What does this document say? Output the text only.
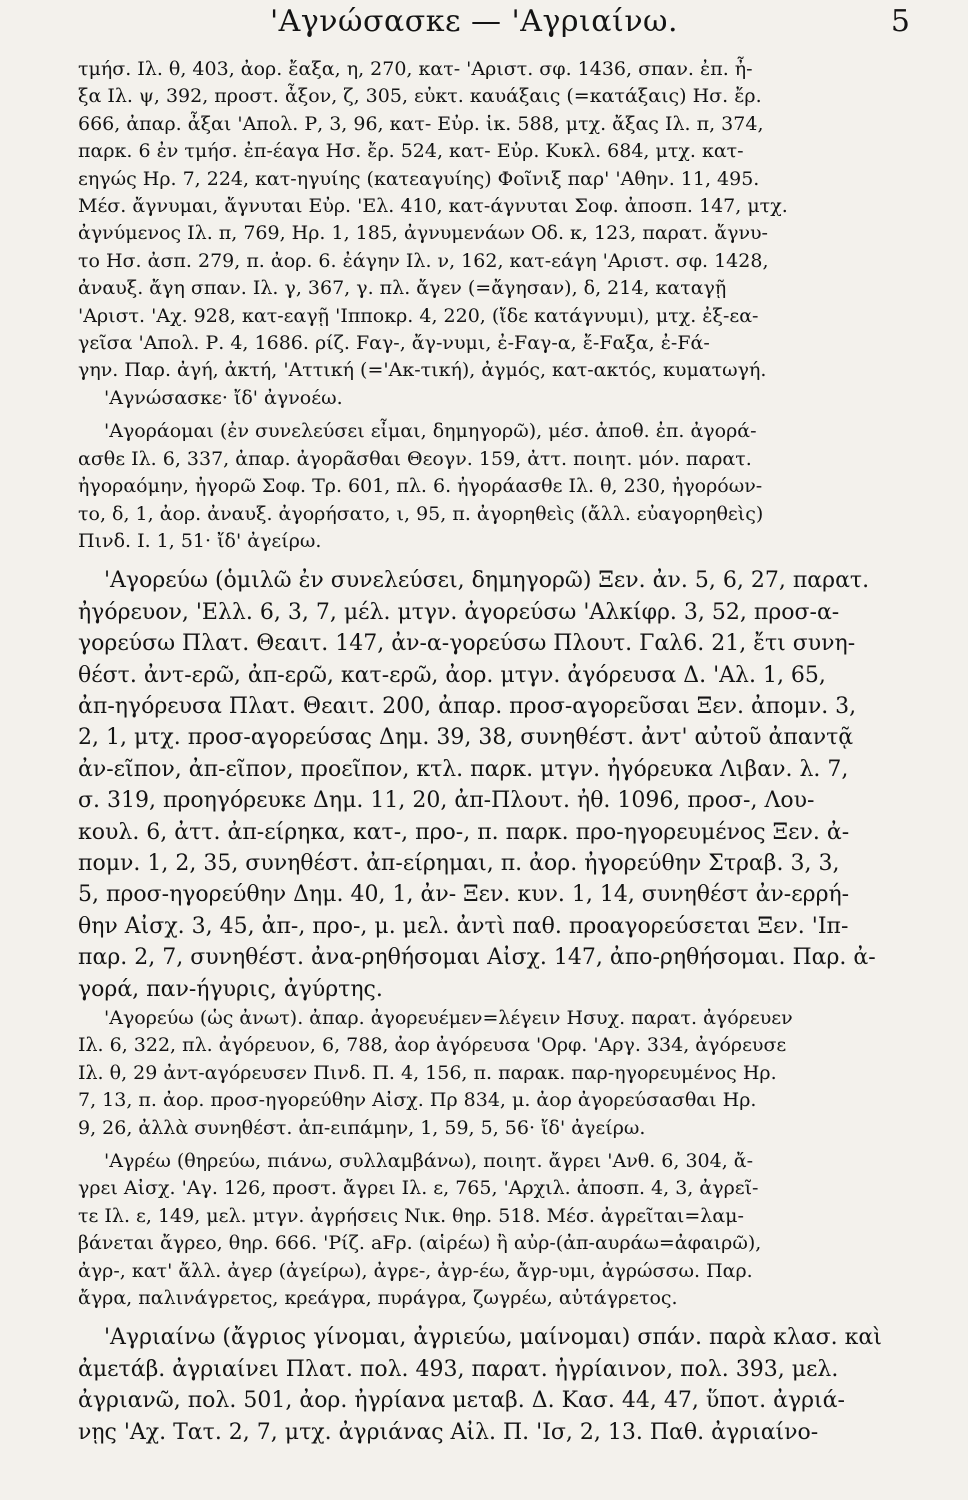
'Αγνώσασκε — 'Αγριαίνω.	5
τμήσ. Ιλ. θ, 403, ἀορ. ἔαξα, η, 270, κατ- 'Αριστ. σφ. 1436, σπαν. ἐπ. ἦ-
ξα Ιλ. ψ, 392, προστ. ἆξον, ζ, 305, εὐκτ. καυάξαις (=κατάξαις) Ησ. ἔρ.
666, ἀπαρ. ἆξαι 'Απολ. Ρ, 3, 96, κατ- Εὐρ. ἱκ. 588, μτχ. ἄξας Ιλ. π, 374,
παρκ. 6 ἐν τμήσ. ἐπ-έαγα Ησ. ἔρ. 524, κατ- Εὐρ. Κυκλ. 684, μτχ. κατ-
εηγώς Ηρ. 7, 224, κατ-ηγυίης (κατεαγυίης) Φοῖνιξ παρ' 'Αθην. 11, 495.
Μέσ. ἄγνυμαι, ἄγνυται Εὐρ. 'Ελ. 410, κατ-άγνυται Σοφ. ἀποσπ. 147, μτχ.
ἀγνύμενος Ιλ. π, 769, Ηρ. 1, 185, ἀγνυμενάων Οδ. κ, 123, παρατ. ἄγνυ-
το Ησ. ἀσπ. 279, π. ἀορ. 6. ἐάγην Ιλ. ν, 162, κατ-εάγη 'Αριστ. σφ. 1428,
ἀναυξ. ἄγη σπαν. Ιλ. γ, 367, γ. πλ. ἄγεν (=ἄγησαν), δ, 214, καταγῇ
'Αριστ. 'Αχ. 928, κατ-εαγῇ 'Ιπποκρ. 4, 220, (ἴδε κατάγνυμι), μτχ. ἐξ-εα-
γεῖσα 'Απολ. Ρ. 4, 1686. ρίζ. Fαγ-, ἄγ-νυμι, ἐ-Fαγ-α, ἔ-Fαξα, ἐ-Fά-
γην. Παρ. ἀγή, ἀκτή, 'Αττική (='Ακ-τική), ἀγμός, κατ-ακτός, κυματωγή.
'Αγνώσασκε· ἴδ' ἀγνοέω.
'Αγοράομαι (ἐν συνελεύσει εἶμαι, δημηγορῶ), μέσ. ἀποθ. ἐπ. ἀγορά-
ασθε Ιλ. 6, 337, ἀπαρ. ἀγορᾶσθαι Θεογν. 159, ἀττ. ποιητ. μόν. παρατ.
ἠγοραόμην, ἠγορῶ Σοφ. Τρ. 601, πλ. 6. ἠγοράασθε Ιλ. θ, 230, ἠγορόων-
το, δ, 1, ἀορ. ἀναυξ. ἀγορήσατο, ι, 95, π. ἀγορηθεὶς (ἄλλ. εὐαγορηθεὶς)
Πινδ. Ι. 1, 51· ἴδ' ἀγείρω.
'Αγορεύω (ὁμιλῶ ἐν συνελεύσει, δημηγορῶ) Ξεν. ἀν. 5, 6, 27, παρατ.
ἠγόρευον, 'Ελλ. 6, 3, 7, μέλ. μτγν. ἀγορεύσω 'Αλκίφρ. 3, 52, προσ-α-
γορεύσω Πλατ. Θεαιτ. 147, ἀν-α-γορεύσω Πλουτ. Γαλ6. 21, ἔτι συνη-
θέστ. ἀντ-ερῶ, ἀπ-ερῶ, κατ-ερῶ, ἀορ. μτγν. ἀγόρευσα Δ. 'Αλ. 1, 65,
ἀπ-ηγόρευσα Πλατ. Θεαιτ. 200, ἀπαρ. προσ-αγορεῦσαι Ξεν. ἀπομν. 3,
2, 1, μτχ. προσ-αγορεύσας Δημ. 39, 38, συνηθέστ. ἀντ' αὐτοῦ ἀπαντᾷ
ἀν-εῖπον, ἀπ-εῖπον, προεῖπον, κτλ. παρκ. μτγν. ἠγόρευκα Λιβαν. λ. 7,
σ. 319, προηγόρευκε Δημ. 11, 20, ἀπ-Πλουτ. ἠθ. 1096, προσ-, Λου-
κουλ. 6, ἀττ. ἀπ-είρηκα, κατ-, προ-, π. παρκ. προ-ηγορευμένος Ξεν. ἀ-
πομν. 1, 2, 35, συνηθέστ. ἀπ-είρημαι, π. ἀορ. ἠγορεύθην Στραβ. 3, 3,
5, προσ-ηγορεύθην Δημ. 40, 1, ἀν- Ξεν. κυν. 1, 14, συνηθέστ ἀν-ερρή-
θην Αἰσχ. 3, 45, ἀπ-, προ-, μ. μελ. ἀντὶ παθ. προαγορεύσεται Ξεν. 'Ιπ-
παρ. 2, 7, συνηθέστ. ἀνα-ρηθήσομαι Αἰσχ. 147, ἀπο-ρηθήσομαι. Παρ. ἀ-
γορά, παν-ήγυρις, ἀγύρτης.
'Αγορεύω (ὡς ἀνωτ). ἀπαρ. ἀγορευέμεν=λέγειν Ησυχ. παρατ. ἀγόρευεν
Ιλ. 6, 322, πλ. ἀγόρευον, 6, 788, ἀορ ἀγόρευσα 'Ορφ. 'Αργ. 334, ἀγόρευσε
Ιλ. θ, 29 ἀντ-αγόρευσεν Πινδ. Π. 4, 156, π. παρακ. παρ-ηγορευμένος Ηρ.
7, 13, π. ἀορ. προσ-ηγορεύθην Αἰσχ. Πρ 834, μ. ἀορ ἀγορεύσασθαι Ηρ.
9, 26, ἀλλὰ συνηθέστ. ἀπ-ειπάμην, 1, 59, 5, 56· ἴδ' ἀγείρω.
'Αγρέω (θηρεύω, πιάνω, συλλαμβάνω), ποιητ. ἄγρει 'Ανθ. 6, 304, ἄ-
γρει Αἰσχ. 'Αγ. 126, προστ. ἄγρει Ιλ. ε, 765, 'Αρχιλ. ἀποσπ. 4, 3, ἀγρεῖ-
τε Ιλ. ε, 149, μελ. μτγν. ἀγρήσεις Νικ. θηρ. 518. Μέσ. ἀγρεῖται=λαμ-
βάνεται ἄγρεο, θηρ. 666. 'Ρίζ. aFρ. (αἱρέω) ἢ αὐρ-(ἀπ-αυράω=ἀφαιρῶ),
ἀγρ-, κατ' ἄλλ. ἀγερ (ἀγείρω), ἀγρε-, ἀγρ-έω, ἄγρ-υμι, ἀγρώσσω. Παρ.
ἄγρα, παλινάγρετος, κρεάγρα, πυράγρα, ζωγρέω, αὐτάγρετος.
'Αγριαίνω (ἄγριος γίνομαι, ἀγριεύω, μαίνομαι) σπάν. παρὰ κλασ. καὶ
ἀμετάβ. ἀγριαίνει Πλατ. πολ. 493, παρατ. ἠγρίαινον, πολ. 393, μελ.
ἀγριανῶ, πολ. 501, ἀορ. ἠγρίανα μεταβ. Δ. Κασ. 44, 47, ὕποτ. ἀγριά-
νῃς 'Αχ. Τατ. 2, 7, μτχ. ἀγριάνας Αἰλ. Π. 'Ισ, 2, 13. Παθ. ἀγριαίνο-
